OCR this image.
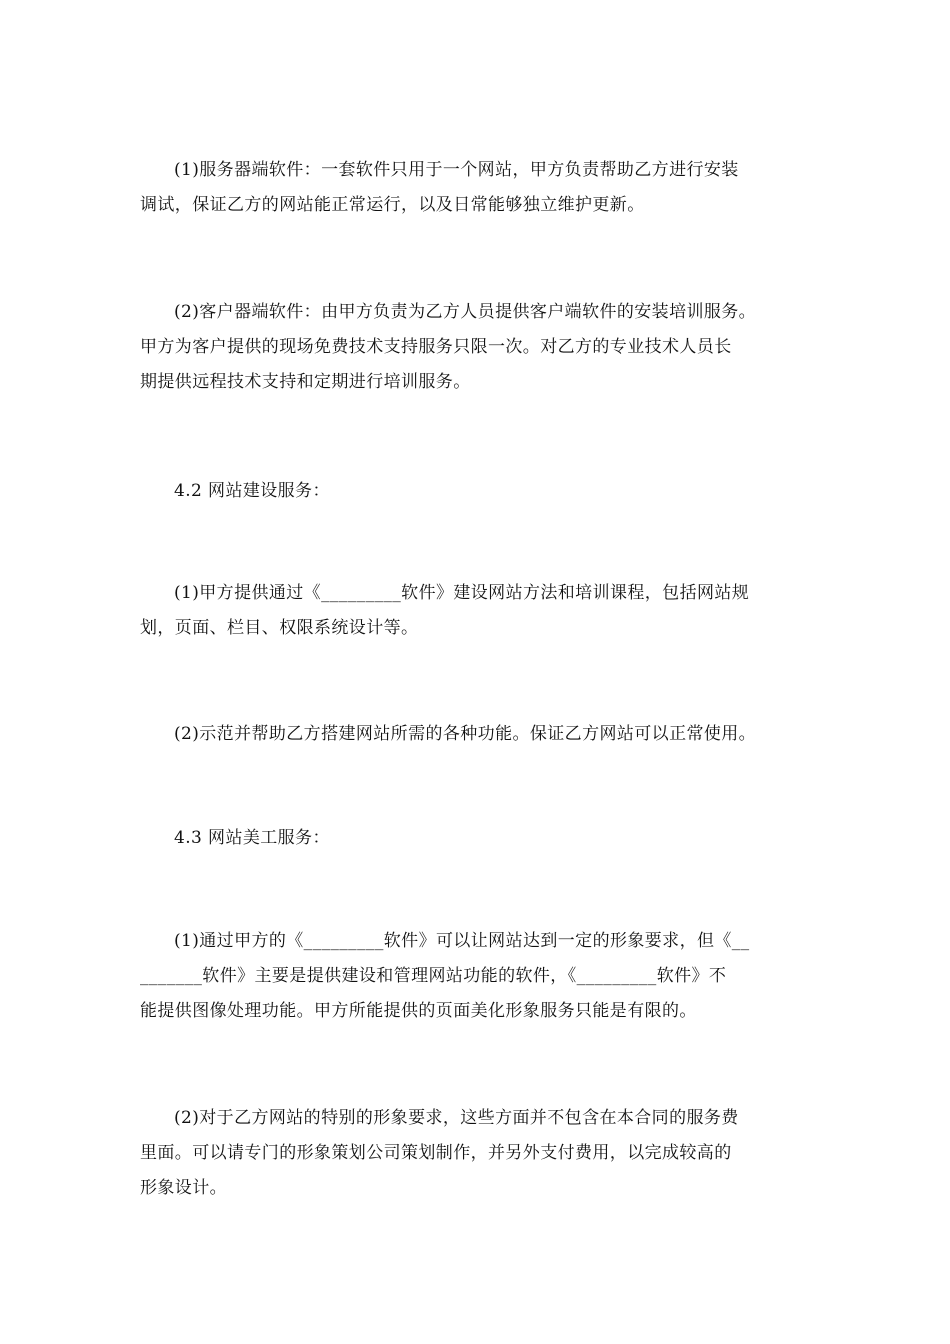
(1)服务器端软件：一套软件只用于一个网站，甲方负责帮助乙方进行安装
调试，保证乙方的网站能正常运行，以及日常能够独立维护更新。

(2)客户器端软件：由甲方负责为乙方人员提供客户端软件的安装培训服务。
甲方为客户提供的现场免费技术支持服务只限一次。对乙方的专业技术人员长
期提供远程技术支持和定期进行培训服务。

4.2 网站建设服务：

(1)甲方提供通过《_________软件》建设网站方法和培训课程，包括网站规
划，页面、栏目、权限系统设计等。

(2)示范并帮助乙方搭建网站所需的各种功能。保证乙方网站可以正常使用。

4.3 网站美工服务：

(1)通过甲方的《_________软件》可以让网站达到一定的形象要求，但《__
_______软件》主要是提供建设和管理网站功能的软件，《_________软件》不
能提供图像处理功能。甲方所能提供的页面美化形象服务只能是有限的。

(2)对于乙方网站的特别的形象要求，这些方面并不包含在本合同的服务费
里面。可以请专门的形象策划公司策划制作，并另外支付费用，以完成较高的
形象设计。
